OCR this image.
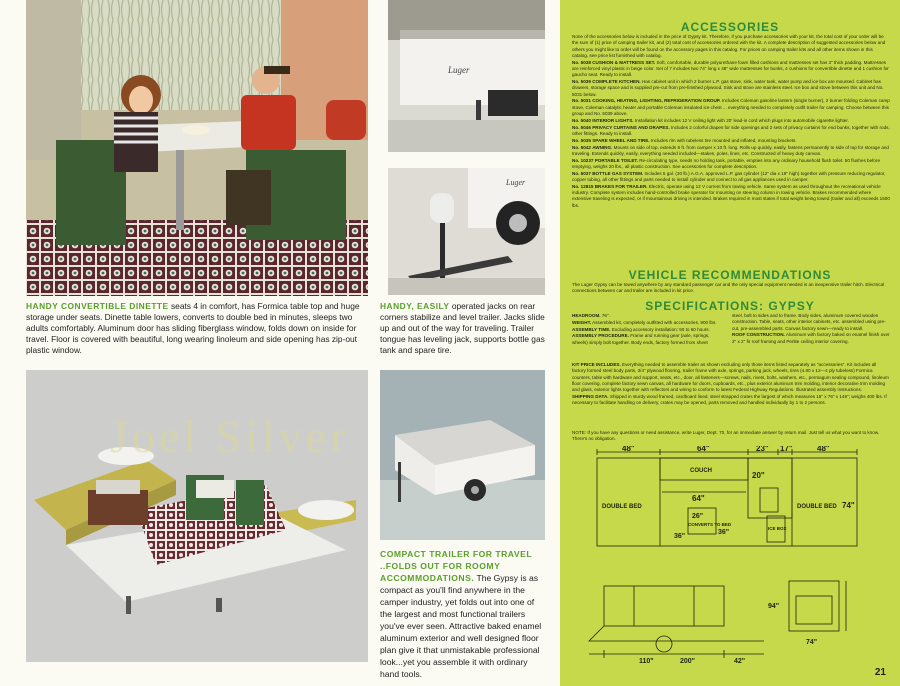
Luger
Luger
HANDY CONVERTIBLE DINETTE seats 4 in comfort, has Formica table top and huge storage under seats. Dinette table lowers, converts to double bed in minutes, sleeps two adults comfortably. Aluminum door has sliding fiberglass window, folds down on inside for travel. Floor is covered with beautiful, long wearing linoleum and side opening has zip-out plastic window.
HANDY, EASILY operated jacks on rear corners stabilize and level trailer. Jacks slide up and out of the way for traveling. Trailer tongue has leveling jack, supports bottle gas tank and spare tire.
COMPACT TRAILER FOR TRAVEL ..FOLDS OUT FOR ROOMY ACCOMMODATIONS. The Gypsy is as compact as you'll find anywhere in the camper industry, yet folds out into one of the largest and most functional trailers you've ever seen. Attractive baked enamel aluminum exterior and well designed floor plan give it that unmistakable professional look...yet you assemble it with ordinary hand tools.
Joel Silver
ACCESSORIES

None of the accessories below is included in the price of Gypsy kit. Therefore, if you purchase accessories with your kit, the total cost of your order will be the sum of (1) price of camping trailer kit, and (2) total cost of accessories ordered with the kit. A complete description of suggested accessories below and others you might like to order will be found on the accessory pages in this catalog. For prices on camping trailer kits and all other items shown in this catalog, see price list furnished with catalog.

No. 5038 CUSHION & MATTRESS SET. Soft, comfortable, durable polyurethane foam filled cushions and mattresses set has 3" thick padding. Mattresses are reinforced vinyl plastic in beige color. Set of 7 includes two 74" long x 48" wide mattresses for bunks, 4 cushions for convertible dinette and 1 cushion for gaucho seat. Ready to install.

No. 5039 COMPLETE KITCHEN. Has cabinet unit in which 2 burner L.P. gas stove, sink, water tank, water pump and ice box are mounted. Cabinet has drawers, storage space and is supplied pre-cut from pre-finished plywood. Sink and stove are stainless steel. Ice box and stove between this unit and No. 5031 below.

No. 5031 COOKING, HEATING, LIGHTING, REFRIGERATION GROUP. Includes Coleman gasoline lantern (single burner), 2 burner folding Coleman camp stove, Coleman catalytic heater and portable Coleman insulated ice chest ... everything needed to completely outfit trailer for camping. Choose between this group and No. 5039 above.

No. 5040 INTERIOR LIGHTS. Installation kit includes 12 V ceiling light with 20' lead-in cord which plugs into automobile cigarette lighter.

No. 5046 PRIVACY CURTAINS AND DRAPES. Includes 2 colorful drapes for side openings and 2 sets of privacy curtains for end bunks, together with rods, other fittings. Ready to install.

No. 5035 SPARE WHEEL AND TIRE. Includes rim with tubeless tire mounted and inflated, mounting brackets.

No. 5042 AWNING. Mounts on side of top, extends 8 ft. from camper x 10 ft. long. Rolls up quickly, easily, fastens permanently to side of top for storage and traveling. Extends quickly, easily, everything needed included—stakes, poles, lines, etc. Constructed of heavy duty canvas.

No. 10237 PORTABLE TOILET. Re-circulating type, needs no holding tank, portable, empties into any ordinary household flush toilet. 50 flushes before emptying, weighs 20 lbs., all plastic construction. See accessories for complete description.

No. 5037 BOTTLE GAS SYSTEM. Includes 5 gal. (20 lb.) A.G.A. approved L.P. gas cylinder (12" dia x 18" high) together with pressure reducing regulator, copper tubing, all other fittings and parts needed to install cylinder and connect to all gas appliances used in camper.

No. 12815 BRAKES FOR TRAILER. Electric, operate using 12 V current from towing vehicle. Same system as used throughout the recreational vehicle industry. Complete system includes hand-controlled brake operator for mounting on steering column in towing vehicle. Brakes recommended where extensive traveling is expected, or if mountainous driving is intended. Brakes required in most states if total weight being towed (trailer and all) exceeds 1500 lbs.

VEHICLE RECOMMENDATIONS
The Luger Gypsy can be towed anywhere by any standard passenger car and the only special equipment needed is an inexpensive trailer hitch. Electrical connections between car and trailer are included in kit price.
SPECIFICATIONS: GYPSY

HEADROOM. 76".

WEIGHT. Assembled kit, completely outfitted with accessories, 900 lbs.

ASSEMBLY TIME. Excluding accessory installation: 50 to 60 hours.

ASSEMBLY PROCEDURE. Frame and running gear (axle, springs, wheels) simply bolt together. Body ends, factory formed from sheet

steel, bolt to sides and to frame. Body sides, aluminum covered wooden construction. Table, seats, other interior cabinets, etc. assembled using pre-cut, pre-assembled parts. Canvas factory sewn—ready to install.

ROOF CONSTRUCTION. Aluminum with factory baked on enamel finish over 2" x 2" fir roof framing and Perlite ceiling interior covering.

KIT PRICE INCLUDES. Everything needed to assemble trailer as shown excluding only those items listed separately as "accessories". Kit includes all factory formed steel body parts, 3/4" plywood flooring, trailer frame with axle, springs, parking jack, wheels, tires (4.80 x 12—4 ply tubeless) Formica counters, table with hardware and support, seats, etc., door, all fasteners—screws, nails, rivets, bolts, washers, etc., permagum sealing compound, linoleum floor covering, complete factory sewn canvas, all hardware for doors, cupboards, etc., plus exterior aluminum trim molding, interior decorative trim molding and glass, exterior lights together with reflectors and wiring to conform to latest Federal Highway Regulations. Illustrated assembly instructions.

SHIPPING DATA. Shipped in sturdy wood framed, cardboard lined, steel strapped crates the largest of which measures 15" x 76" x 148"; weighs 400 lbs. If necessary to facilitate handling on delivery, crates may be opened, parts removed and handled individually by 1 to 2 persons.

NOTE: If you have any questions or need assistance, write Luger, Dept. 70, for an immediate answer by return mail. Just tell us what you want to know. There's no obligation.
48"	64"	23" 17"	48"
COUCH	20"
64"
DOUBLE BED	DOUBLE BED 74"
26"
CONVERTS TO BED
36"
36"
ICE BOX
94"
110"	200"	42"
74"
21
